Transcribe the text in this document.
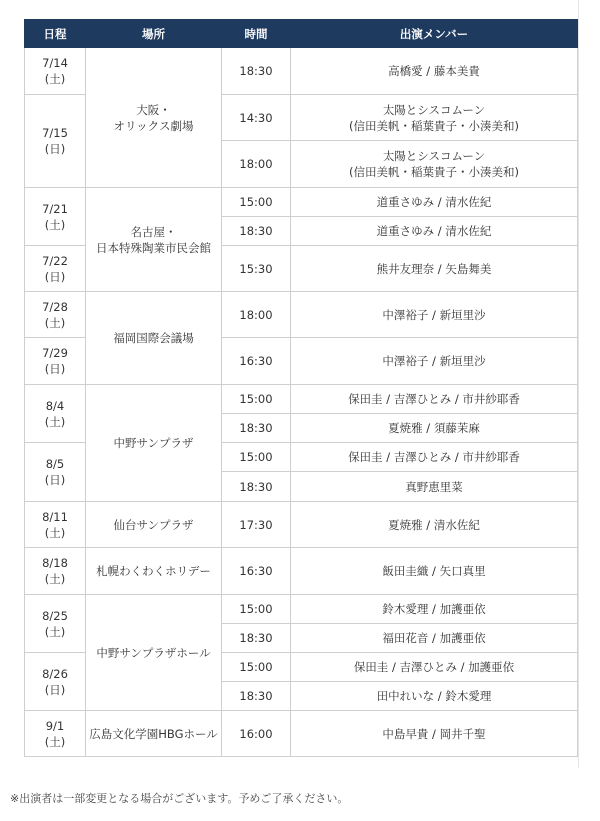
日程	場所	時間	出演メンバー

7/14
(土)	大阪・
オリックス劇場	18:30	高橋愛 / 藤本美貴

7/15
(日)		14:30	太陽とシスコムーン
(信田美帆・稲葉貴子・小湊美和)

		18:00	太陽とシスコムーン
(信田美帆・稲葉貴子・小湊美和)

7/21
(土)	名古屋・
日本特殊陶業市民会館	15:00	道重さゆみ / 清水佐紀
		18:30	道重さゆみ / 清水佐紀

7/22
(日)		15:30	熊井友理奈 / 矢島舞美

7/28
(土)	福岡国際会議場	18:00	中澤裕子 / 新垣里沙

7/29
(日)		16:30	中澤裕子 / 新垣里沙

8/4
(土)	中野サンプラザ	15:00	保田圭 / 吉澤ひとみ / 市井紗耶香
		18:30	夏焼雅 / 須藤茉麻

8/5
(日)		15:00	保田圭 / 吉澤ひとみ / 市井紗耶香
		18:30	真野恵里菜

8/11
(土)	仙台サンプラザ	17:30	夏焼雅 / 清水佐紀

8/18
(土)	札幌わくわくホリデー	16:30	飯田圭織 / 矢口真里

8/25
(土)	中野サンプラザホール	15:00	鈴木愛理 / 加護亜依
		18:30	福田花音 / 加護亜依

8/26
(日)		15:00	保田圭 / 吉澤ひとみ / 加護亜依
		18:30	田中れいな / 鈴木愛理

9/1
(土)	広島文化学園HBGホール	16:00	中島早貴 / 岡井千聖
※出演者は一部変更となる場合がございます。予めご了承ください。
